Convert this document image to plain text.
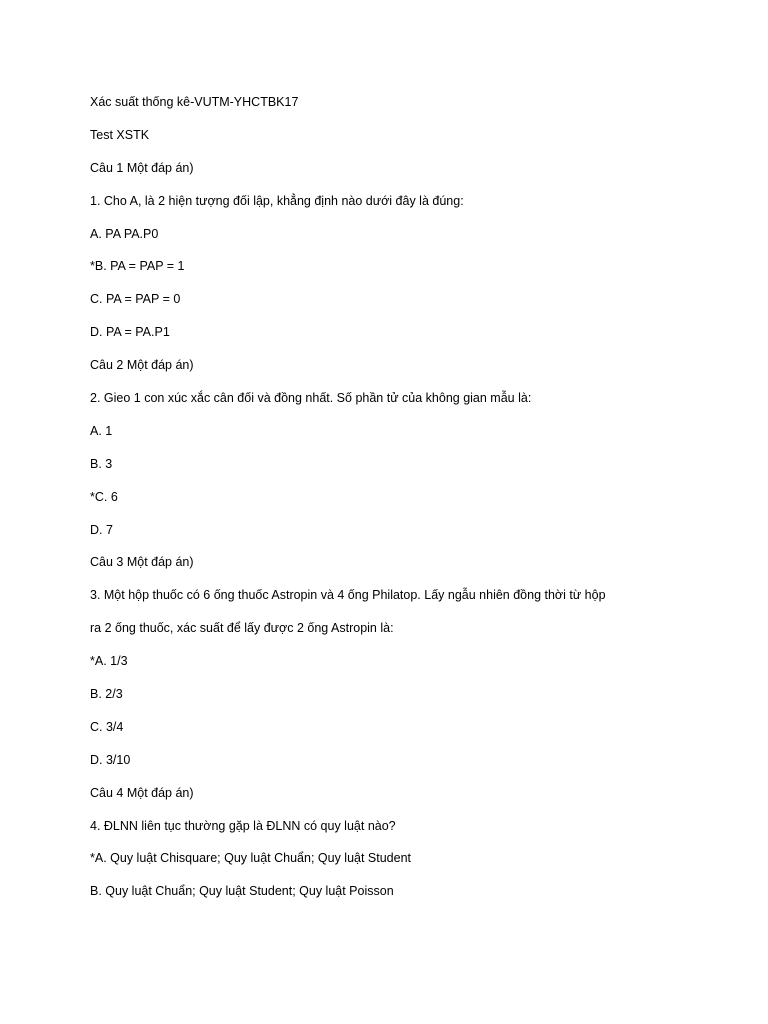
Xác suất thống kê-VUTM-YHCTBK17
Test XSTK
Câu 1 Một đáp án)
1. Cho A, là 2 hiện tượng đối lập, khẳng định nào dưới đây là đúng:
A. PA PA.P0
*B. PA = PAP = 1
C. PA = PAP = 0
D. PA = PA.P1
Câu 2 Một đáp án)
2. Gieo 1 con xúc xắc cân đối và đồng nhất. Số phần tử của không gian mẫu là:
A. 1
B. 3
*C. 6
D. 7
Câu 3 Một đáp án)
3. Một hộp thuốc có 6 ống thuốc Astropin và 4 ống Philatop. Lấy ngẫu nhiên đồng thời từ hộp
ra 2 ống thuốc, xác suất để lấy được 2 ống Astropin là:
*A. 1/3
B. 2/3
C. 3/4
D. 3/10
Câu 4 Một đáp án)
4. ĐLNN liên tục thường gặp là ĐLNN có quy luật nào?
*A. Quy luật Chisquare; Quy luật Chuẩn; Quy luật Student
B. Quy luật Chuẩn; Quy luật Student; Quy luật Poisson
